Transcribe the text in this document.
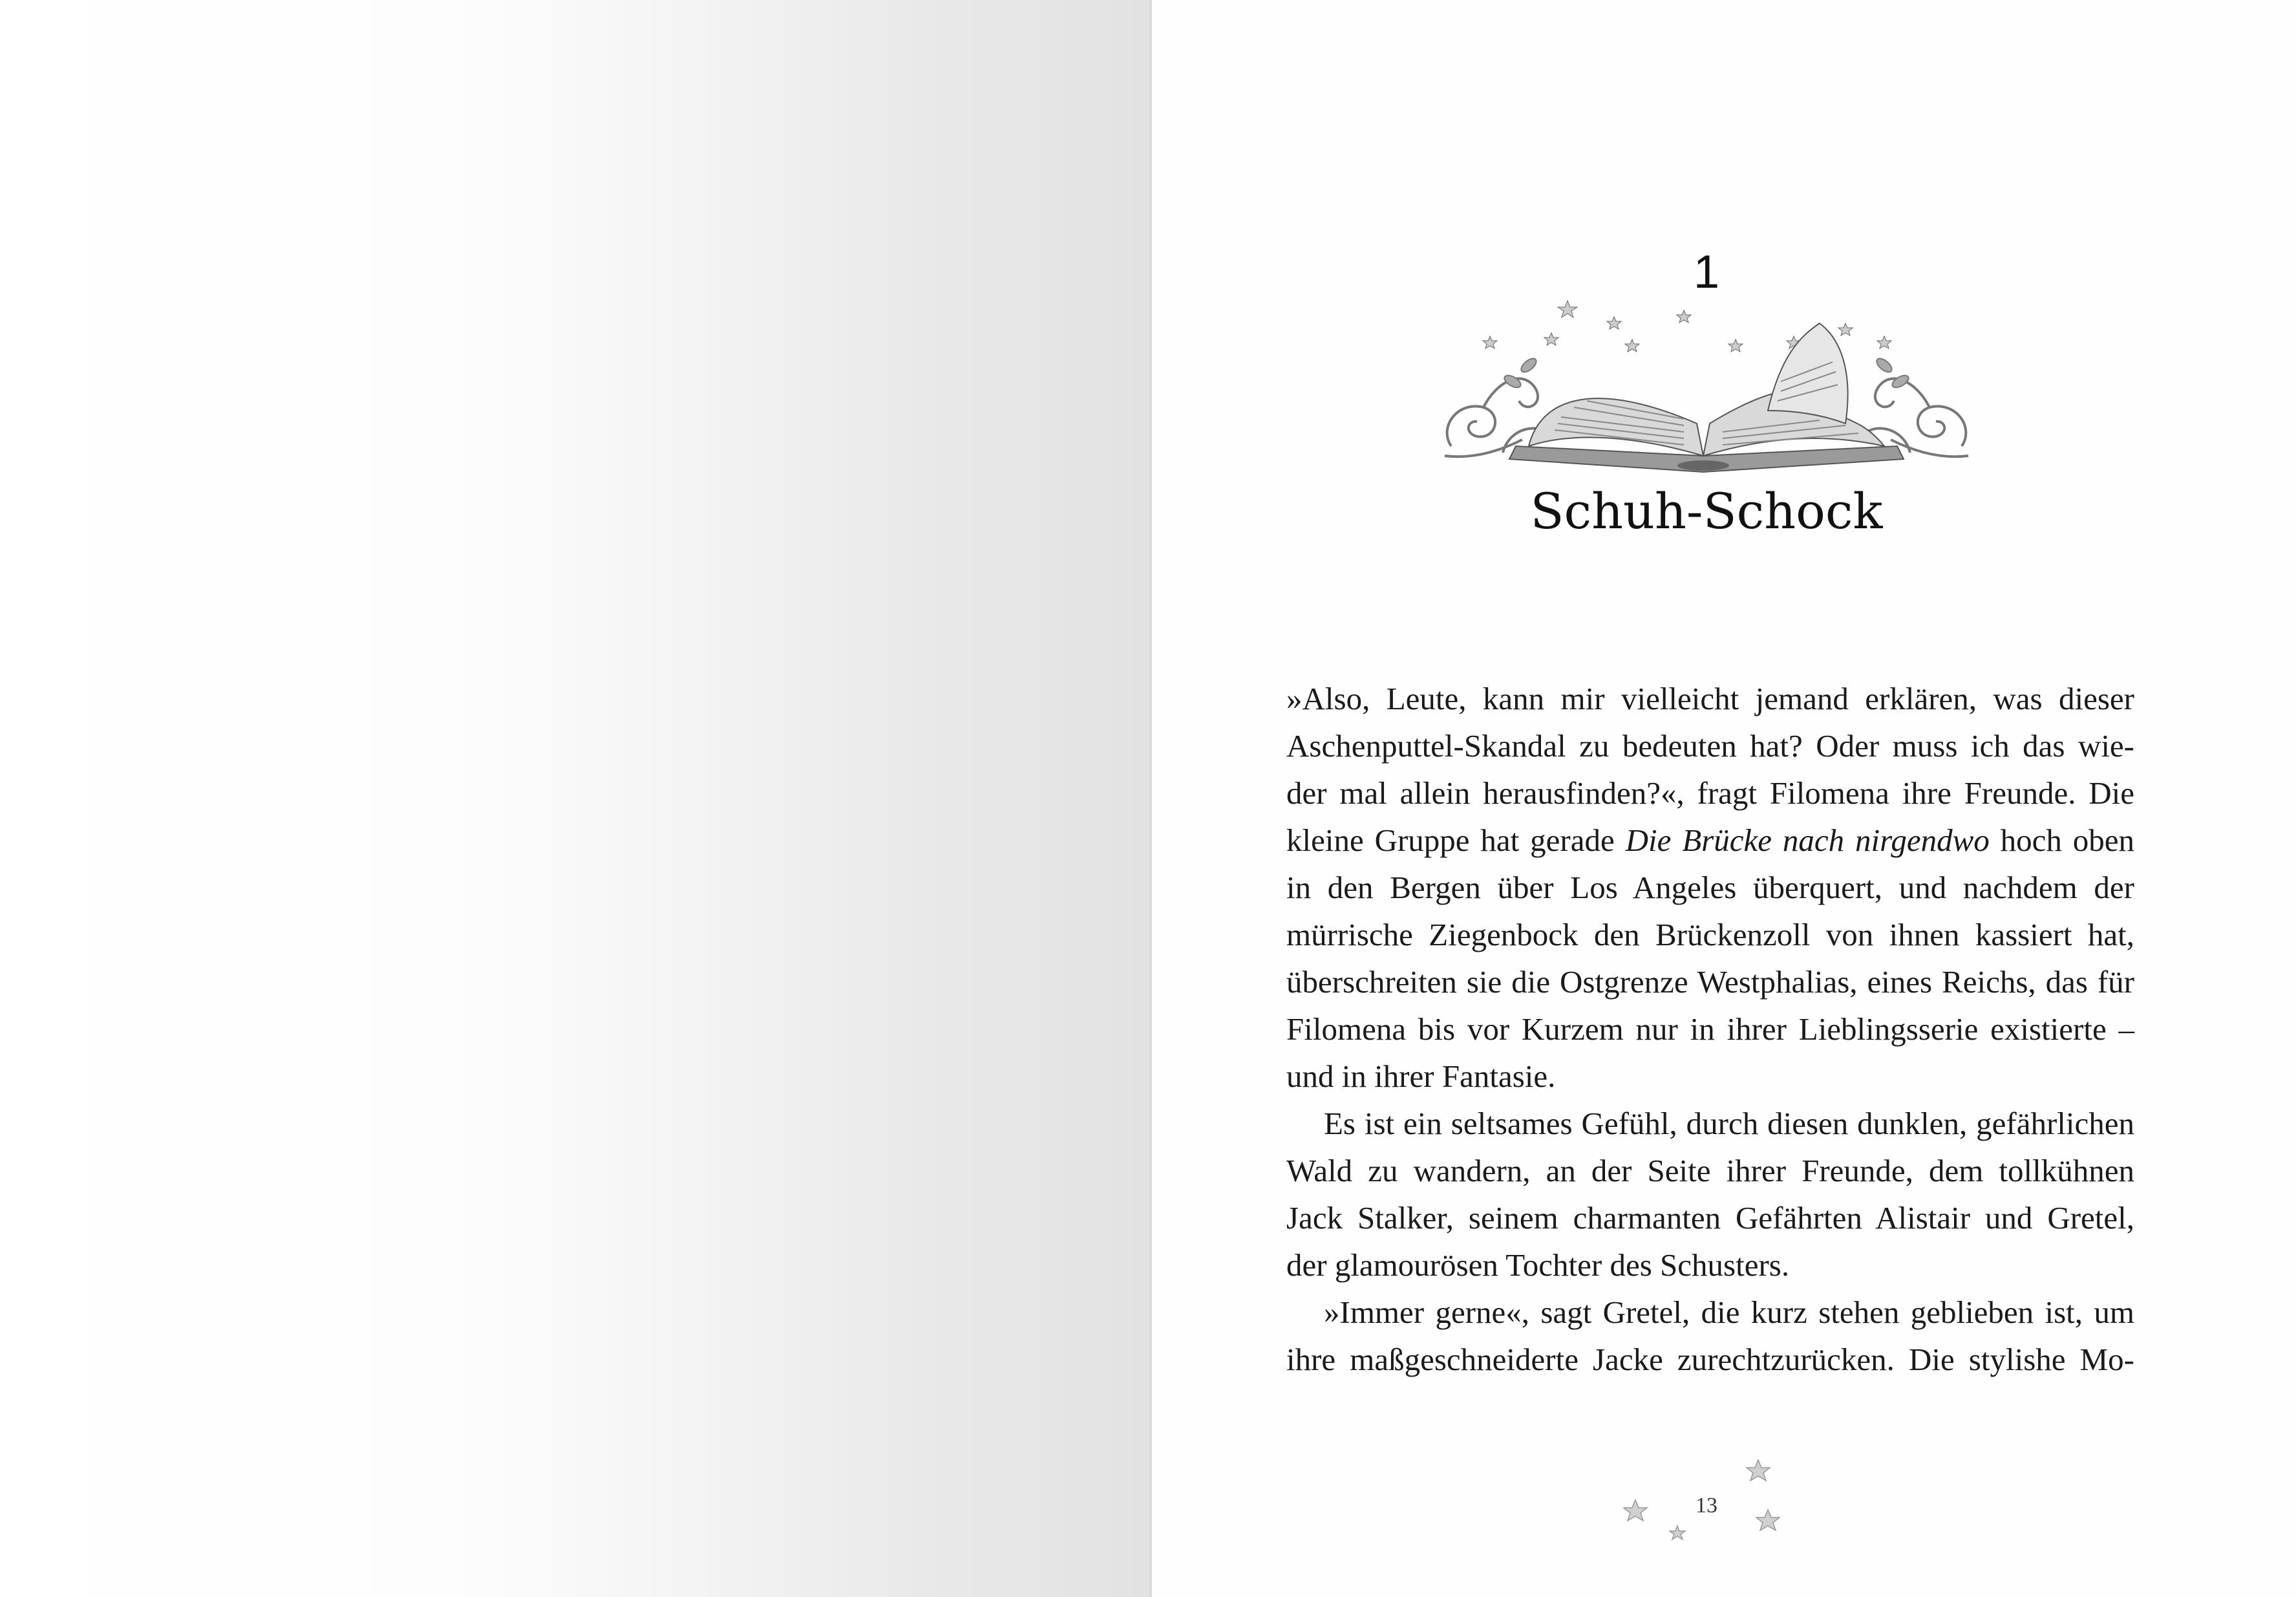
1
Schuh-Schock
»Also, Leute, kann mir vielleicht jemand erklären, was dieser
Aschenputtel-Skandal zu bedeuten hat? Oder muss ich das wie-
der mal allein herausfinden?«, fragt Filomena ihre Freunde. Die
kleine Gruppe hat gerade Die Brücke nach nirgendwo hoch oben
in den Bergen über Los Angeles überquert, und nachdem der
mürrische Ziegenbock den Brückenzoll von ihnen kassiert hat,
überschreiten sie die Ostgrenze Westphalias, eines Reichs, das für
Filomena bis vor Kurzem nur in ihrer Lieblingsserie existierte –
und in ihrer Fantasie.
Es ist ein seltsames Gefühl, durch diesen dunklen, gefährlichen
Wald zu wandern, an der Seite ihrer Freunde, dem tollkühnen
Jack Stalker, seinem charmanten Gefährten Alistair und Gretel,
der glamourösen Tochter des Schusters.
»Immer gerne«, sagt Gretel, die kurz stehen geblieben ist, um
ihre maßgeschneiderte Jacke zurechtzurücken. Die stylishe Mo-
13
